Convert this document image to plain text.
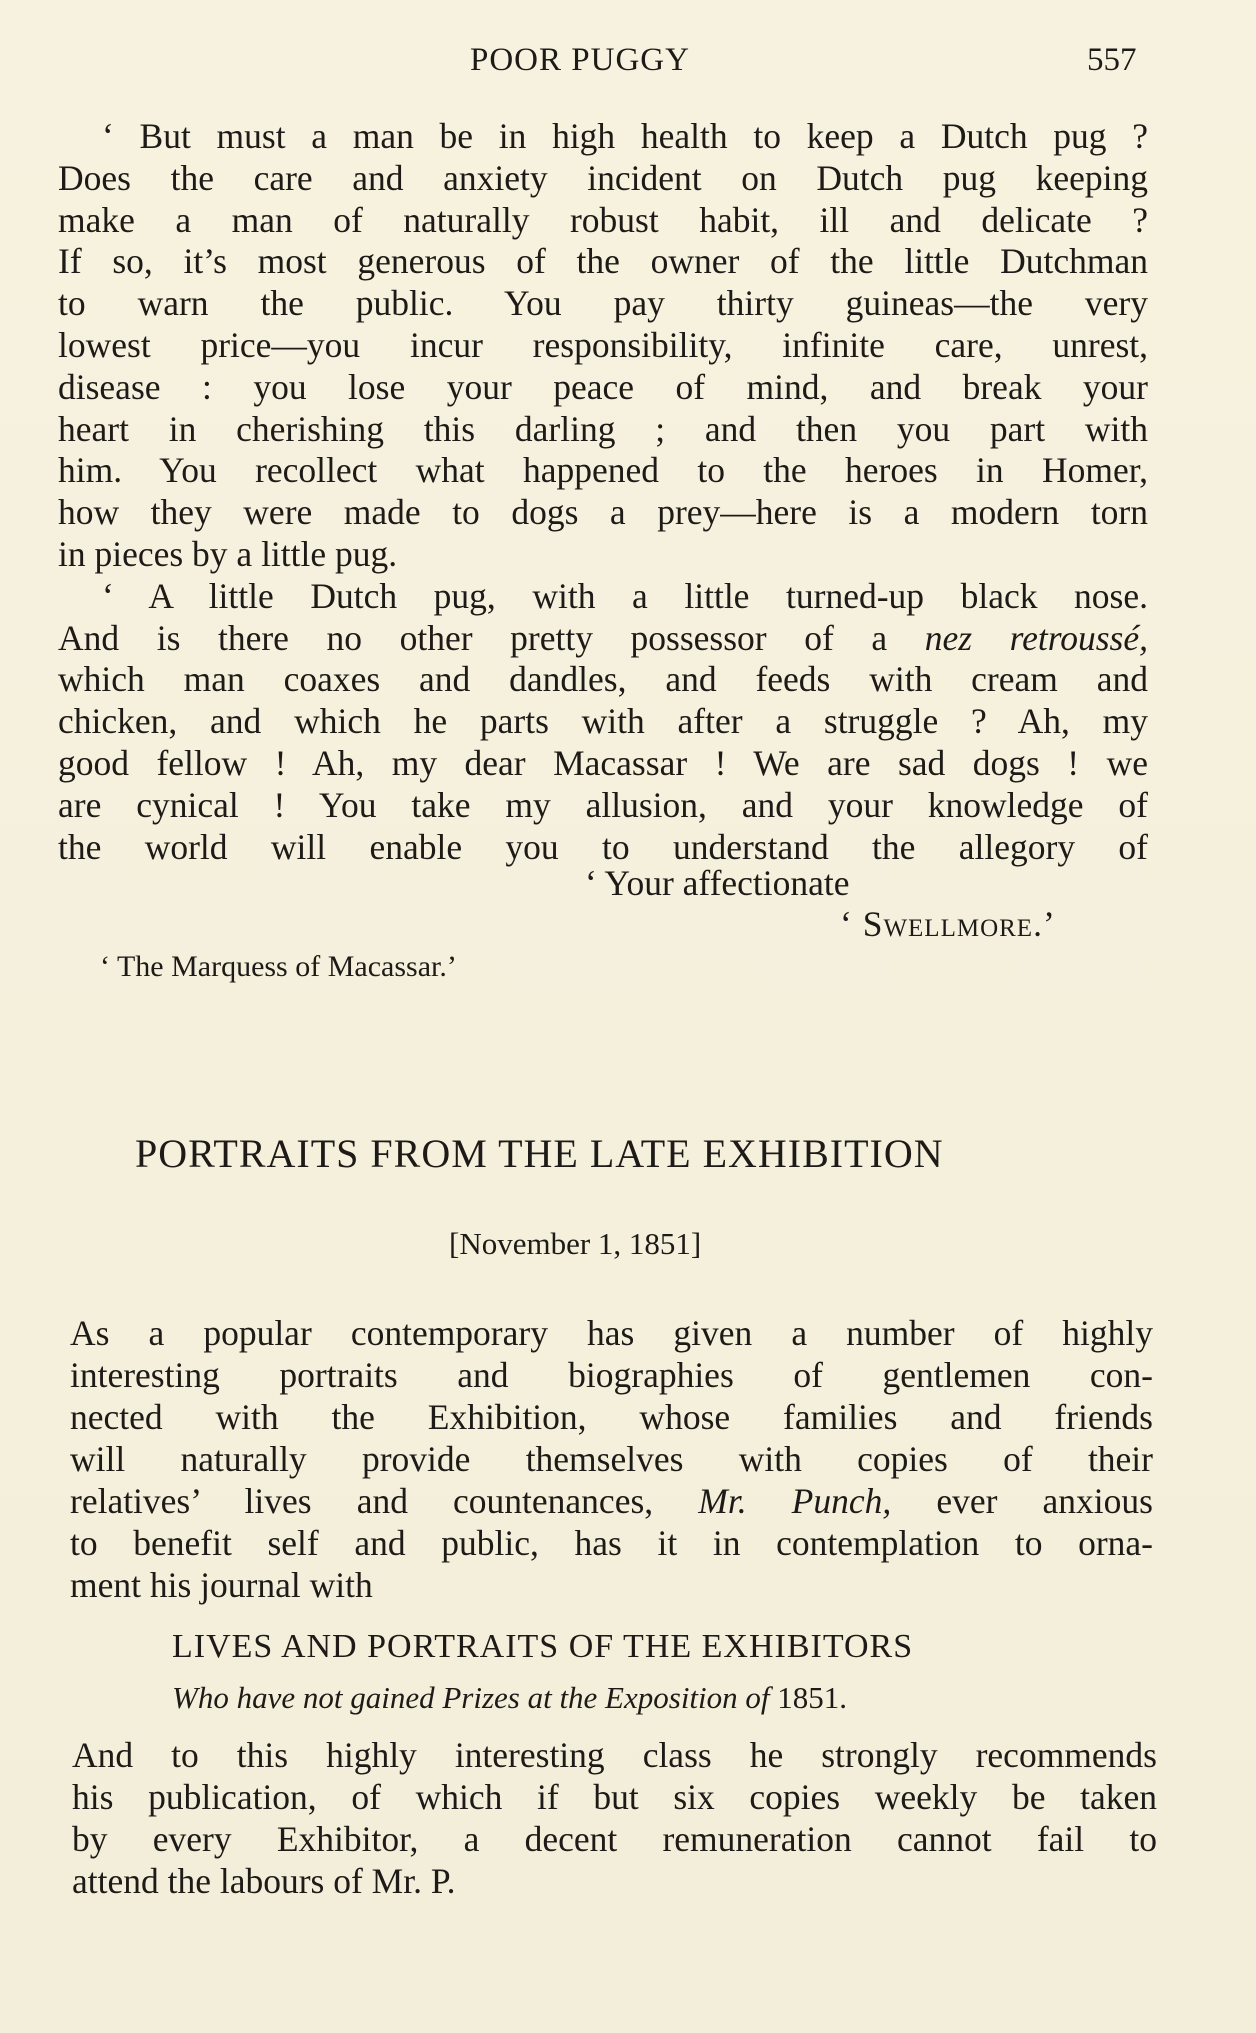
POOR PUGGY	557
‘ But must a man be in high health to keep a Dutch pug ?
Does the care and anxiety incident on Dutch pug keeping
make a man of naturally robust habit, ill and delicate ?
If so, it’s most generous of the owner of the little Dutchman
to warn the public. You pay thirty guineas—the very
lowest price—you incur responsibility, infinite care, unrest,
disease : you lose your peace of mind, and break your
heart in cherishing this darling ; and then you part with
him. You recollect what happened to the heroes in Homer,
how they were made to dogs a prey—here is a modern torn
in pieces by a little pug.
‘ A little Dutch pug, with a little turned-up black nose.
And is there no other pretty possessor of a nez retroussé,
which man coaxes and dandles, and feeds with cream and
chicken, and which he parts with after a struggle ? Ah, my
good fellow ! Ah, my dear Macassar ! We are sad dogs ! we
are cynical ! You take my allusion, and your knowledge of
the world will enable you to understand the allegory of
‘ Your affectionate
‘ Swellmore.’
‘ The Marquess of Macassar.’
PORTRAITS FROM THE LATE EXHIBITION
[November 1, 1851]
As a popular contemporary has given a number of highly
interesting portraits and biographies of gentlemen con-
nected with the Exhibition, whose families and friends
will naturally provide themselves with copies of their
relatives’ lives and countenances, Mr. Punch, ever anxious
to benefit self and public, has it in contemplation to orna-
ment his journal with
LIVES AND PORTRAITS OF THE EXHIBITORS
Who have not gained Prizes at the Exposition of 1851.
And to this highly interesting class he strongly recommends
his publication, of which if but six copies weekly be taken
by every Exhibitor, a decent remuneration cannot fail to
attend the labours of Mr. P.
